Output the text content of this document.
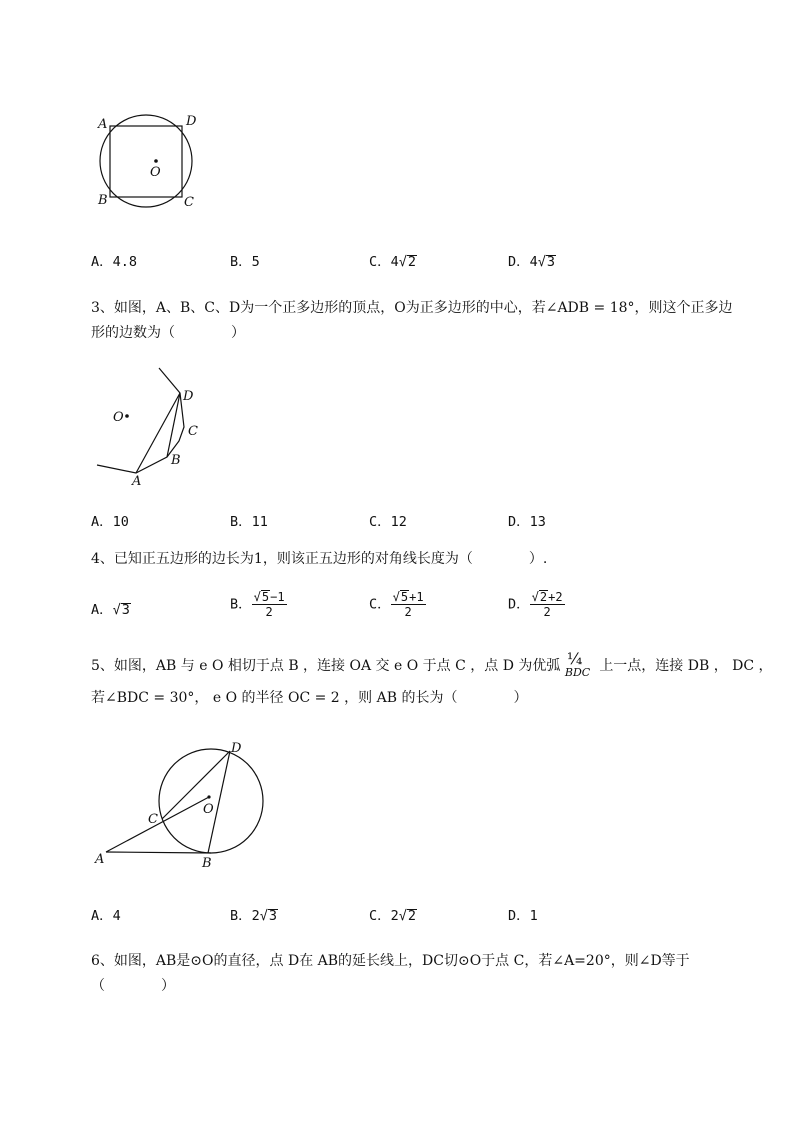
A	D
O
B	C
A．4.8	B．5	C．4√2	D．4√3
3、如图，A、B、C、D为一个正多边形的顶点，O为正多边形的中心，若∠ADB = 18°，则这个正多边
形的边数为（　　　　）
O
D
C
B
A
A．10	B．11	C．12	D．13
4、已知正五边形的边长为1，则该正五边形的对角线长度为（　　　　）.
A．√3	B． $\frac{√5-1}{2}$	C． $\frac{√5+1}{2}$	D． $\frac{√2+2}{2}$
5、如图，AB 与 e O 相切于点 B ，连接 OA 交 e O 于点 C ，点 D 为优弧 ¼
$_{BDC}$ 上一点，连接 DB ， DC ，
若∠BDC = 30°， e O 的半径 OC = 2 ，则 AB 的长为（　　　　）
D
O
C
A	B
A．4	B．2√3	C．2√2	D．1
6、如图，AB是⊙O的直径，点 D在 AB的延长线上，DC切⊙O于点 C，若∠A=20°，则∠D等于
（　　　　）
